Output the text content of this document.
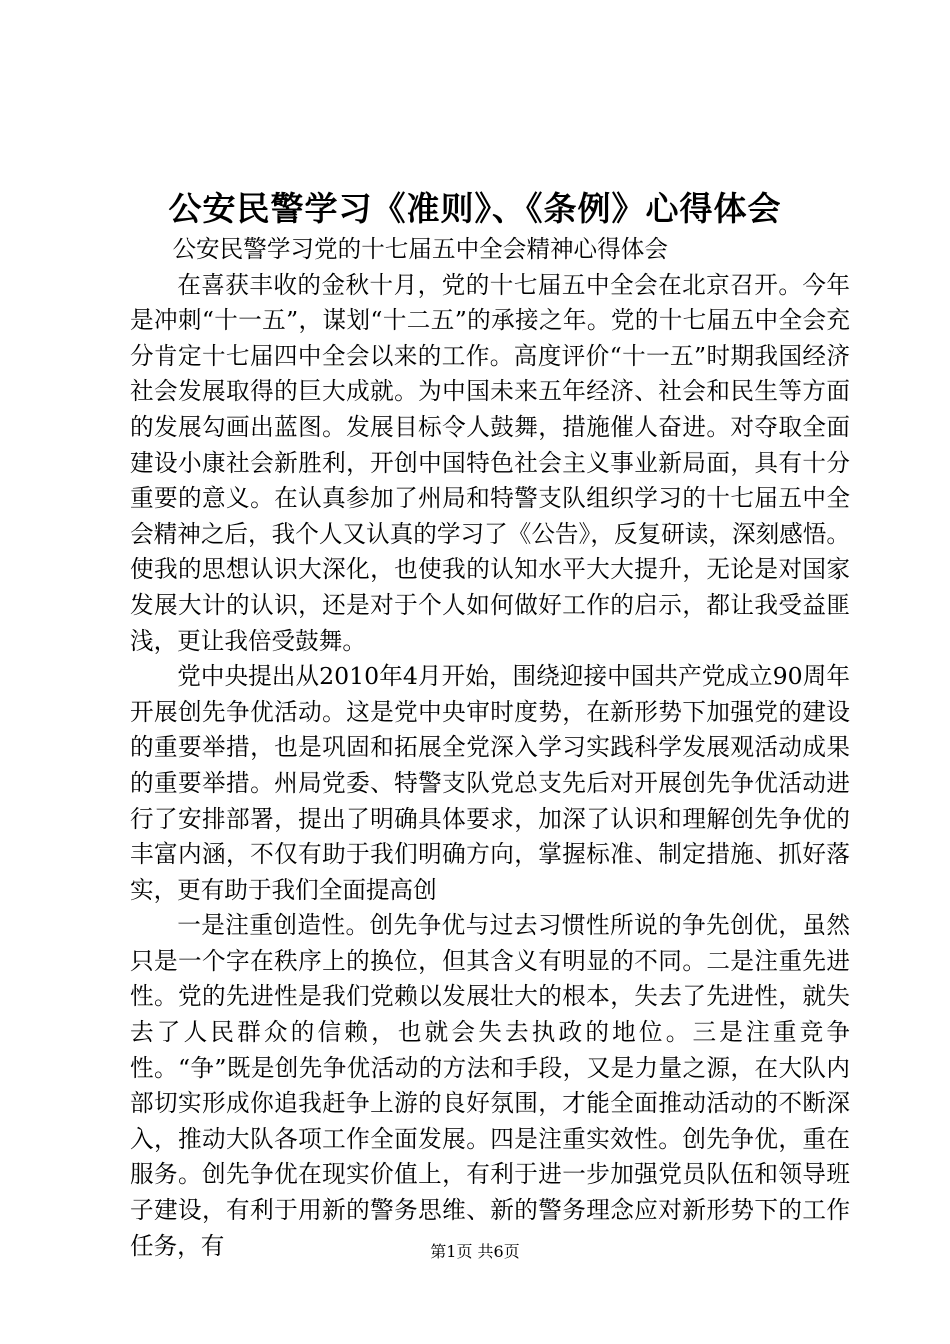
公安民警学习《准则》、《条例》心得体会

公安民警学习党的十七届五中全会精神心得体会

在喜获丰收的金秋十月，党的十七届五中全会在北京召开。今年是冲刺“十一五”，谋划“十二五”的承接之年。党的十七届五中全会充分肯定十七届四中全会以来的工作。高度评价“十一五”时期我国经济社会发展取得的巨大成就。为中国未来五年经济、社会和民生等方面的发展勾画出蓝图。发展目标令人鼓舞，措施催人奋进。对夺取全面建设小康社会新胜利，开创中国特色社会主义事业新局面，具有十分重要的意义。在认真参加了州局和特警支队组织学习的十七届五中全会精神之后，我个人又认真的学习了《公告》，反复研读，深刻感悟。使我的思想认识大深化，也使我的认知水平大大提升，无论是对国家发展大计的认识，还是对于个人如何做好工作的启示，都让我受益匪浅，更让我倍受鼓舞。

党中央提出从2010年4月开始，围绕迎接中国共产党成立90周年开展创先争优活动。这是党中央审时度势，在新形势下加强党的建设的重要举措，也是巩固和拓展全党深入学习实践科学发展观活动成果的重要举措。州局党委、特警支队党总支先后对开展创先争优活动进行了安排部署，提出了明确具体要求，加深了认识和理解创先争优的丰富内涵，不仅有助于我们明确方向，掌握标准、制定措施、抓好落实，更有助于我们全面提高创

一是注重创造性。创先争优与过去习惯性所说的争先创优，虽然只是一个字在秩序上的换位，但其含义有明显的不同。二是注重先进性。党的先进性是我们党赖以发展壮大的根本，失去了先进性，就失去了人民群众的信赖，也就会失去执政的地位。三是注重竞争性。“争”既是创先争优活动的方法和手段，又是力量之源，在大队内部切实形成你追我赶争上游的良好氛围，才能全面推动活动的不断深入，推动大队各项工作全面发展。四是注重实效性。创先争优，重在服务。创先争优在现实价值上，有利于进一步加强党员队伍和领导班子建设，有利于用新的警务思维、新的警务理念应对新形势下的工作任务，有	第1页 共6页
